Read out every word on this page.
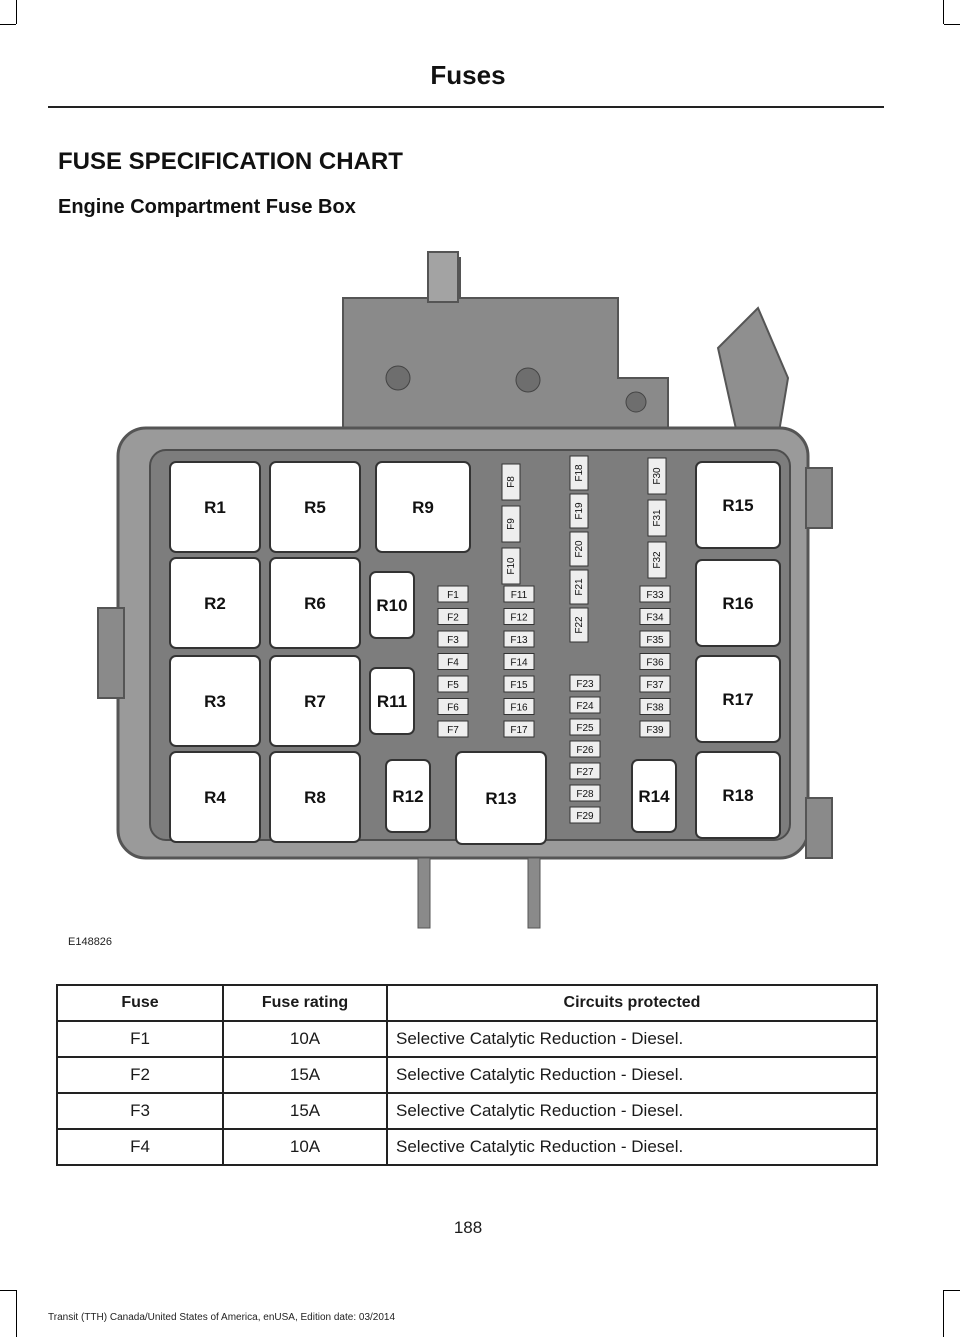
Fuses
FUSE SPECIFICATION CHART
Engine Compartment Fuse Box
R1
R2
R3
R4
R5
R6
R7
R8
R9
R10
R11
R12	R13	R14
R15
R16
R17
R18
F1
F2
F3
F4
F5
F6
F7
F8
F9
F10
F11
F12
F13
F14
F15
F16
F17
F18
F19
F20
F21
F22
F23
F24
F25
F26
F27
F28
F29
F30
F31
F32
F33
F34
F35
F36
F37
F38
F39
E148826
Fuse	Fuse rating	Circuits protected
F1	10A	Selective Catalytic Reduction - Diesel.
F2	15A	Selective Catalytic Reduction - Diesel.
F3	15A	Selective Catalytic Reduction - Diesel.
F4	10A	Selective Catalytic Reduction - Diesel.
188
Transit (TTH) Canada/United States of America, enUSA, Edition date: 03/2014
